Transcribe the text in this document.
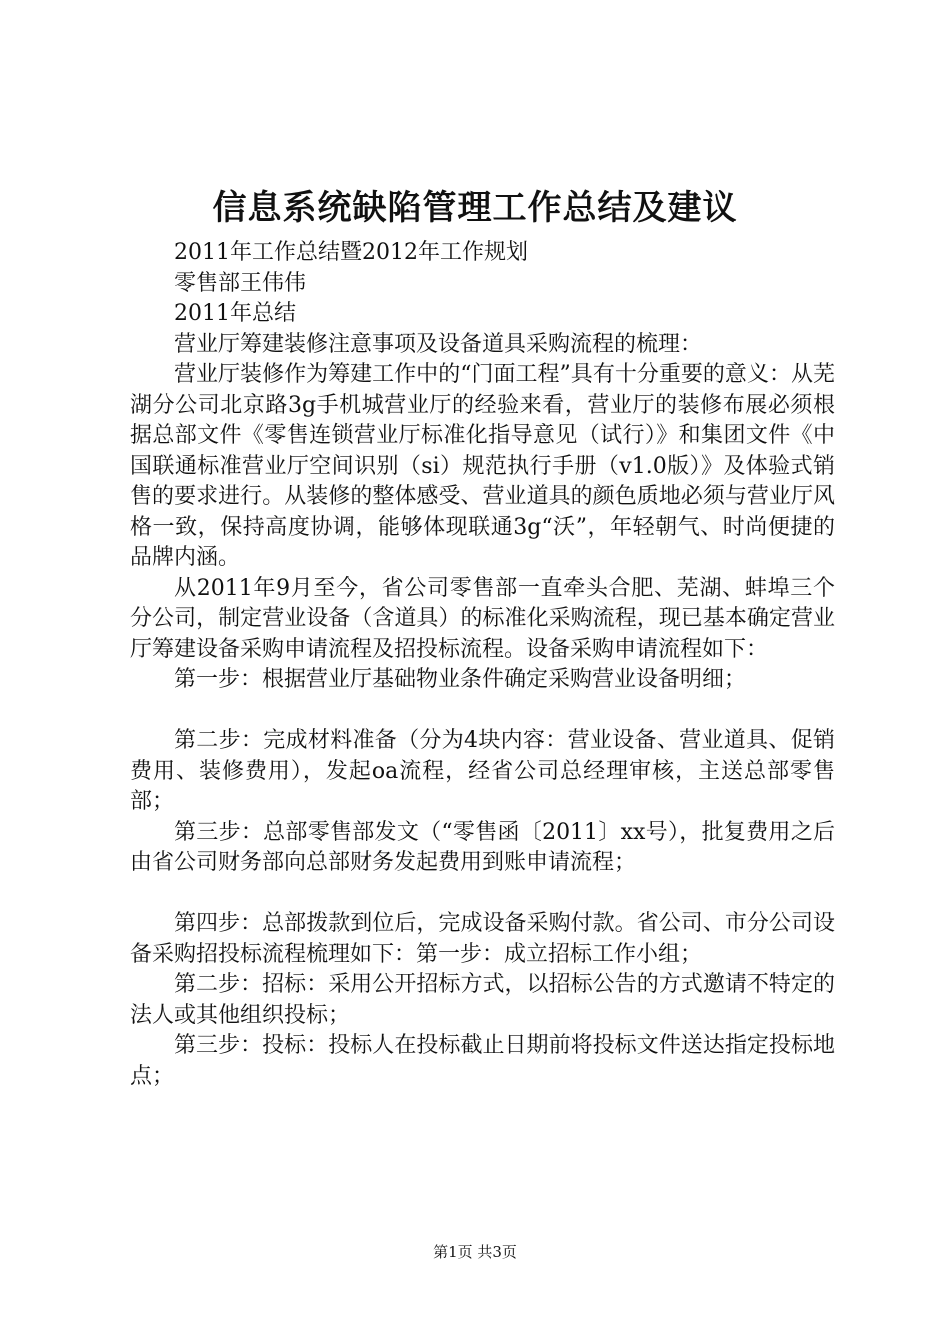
信息系统缺陷管理工作总结及建议

2011年工作总结暨2012年工作规划

零售部王伟伟

2011年总结

营业厅筹建装修注意事项及设备道具采购流程的梳理：

营业厅装修作为筹建工作中的“门面工程”具有十分重要的意义：从芜湖分公司北京路3g手机城营业厅的经验来看，营业厅的装修布展必须根据总部文件《零售连锁营业厅标准化指导意见（试行）》和集团文件《中国联通标准营业厅空间识别（si）规范执行手册（v1.0版）》及体验式销售的要求进行。从装修的整体感受、营业道具的颜色质地必须与营业厅风格一致，保持高度协调，能够体现联通3g“沃”，年轻朝气、时尚便捷的品牌内涵。

从2011年9月至今，省公司零售部一直牵头合肥、芜湖、蚌埠三个分公司，制定营业设备（含道具）的标准化采购流程，现已基本确定营业厅筹建设备采购申请流程及招投标流程。设备采购申请流程如下：

第一步：根据营业厅基础物业条件确定采购营业设备明细；

第二步：完成材料准备（分为4块内容：营业设备、营业道具、促销费用、装修费用），发起oa流程，经省公司总经理审核，主送总部零售部；

第三步：总部零售部发文（“零售函〔2011〕xx号），批复费用之后由省公司财务部向总部财务发起费用到账申请流程；

第四步：总部拨款到位后，完成设备采购付款。省公司、市分公司设备采购招投标流程梳理如下：第一步：成立招标工作小组；

第二步：招标：采用公开招标方式，以招标公告的方式邀请不特定的法人或其他组织投标；

第三步：投标：投标人在投标截止日期前将投标文件送达指定投标地点；

第1页 共3页
